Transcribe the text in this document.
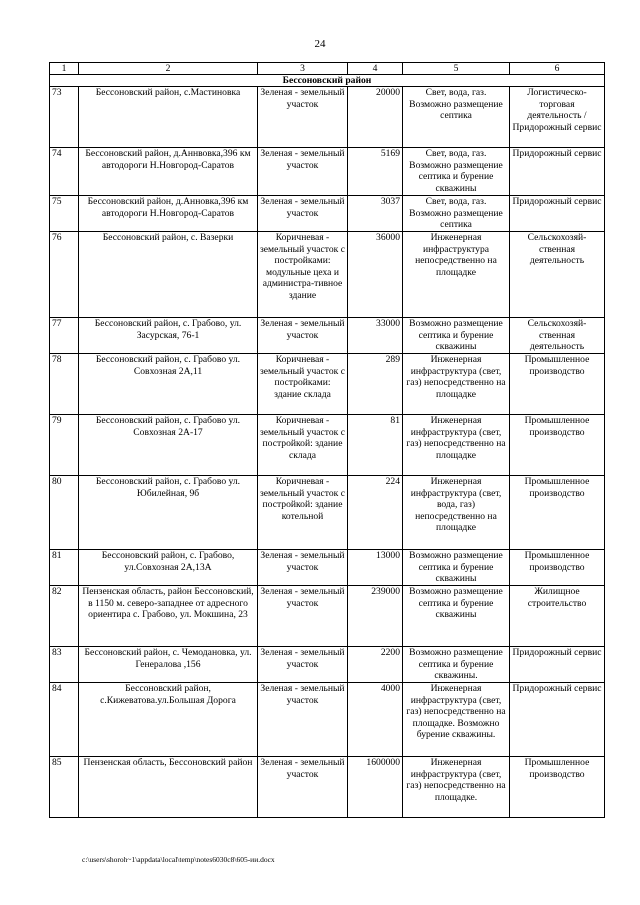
24
1	2	3	4	5	6
Бессоновский район					
73	Бессоновский район, с.Мастиновка	Зеленая - земельный участок	20000	Свет, вода, газ. Возможно размещение септика	Логистическо-торговая деятельность / Придорожный сервис
74	Бессоновский район, д.Аннвовка,396 км автодороги Н.Новгород-Саратов	Зеленая - земельный участок	5169	Свет, вода, газ. Возможно размещение септика и бурение скважины	Придорожный сервис
75	Бессоновский район, д.Анновка,396 км автодороги Н.Новгород-Саратов	Зеленая - земельный участок	3037	Свет, вода, газ. Возможно размещение септика	Придорожный сервис
76	Бессоновский район, с. Вазерки	Коричневая - земельный участок с постройками: модульные цеха и администра-тивное здание	36000	Инженерная инфраструктура непосредственно на площадке	Сельскохозяй-ственная деятельность
77	Бессоновский район, с. Грабово, ул. Засурская, 76-1	Зеленая - земельный участок	33000	Возможно размещение септика и бурение скважины	Сельскохозяй-ственная деятельность
78	Бессоновский район, с. Грабово ул. Совхозная 2А,11	Коричневая - земельный участок с постройками: здание склада	289	Инженерная инфраструктура (свет, газ) непосредственно на площадке	Промышленное производство
79	Бессоновский район, с. Грабово ул. Совхозная 2А-17	Коричневая - земельный участок с постройкой: здание склада	81	Инженерная инфраструктура (свет, газ) непосредственно на площадке	Промышленное производство
80	Бессоновский район, с. Грабово ул. Юбилейная, 9б	Коричневая - земельный участок с постройкой: здание котельной	224	Инженерная инфраструктура (свет, вода, газ) непосредственно на площадке	Промышленное производство
81	Бессоновский район, с. Грабово, ул.Совхозная 2А,13А	Зеленая - земельный участок	13000	Возможно размещение септика и бурение скважины	Промышленное производство
82	Пензенская область, район Бессоновский, в 1150 м. северо-западнее от адресного ориентира с. Грабово, ул. Мокшина, 23	Зеленая - земельный участок	239000	Возможно размещение септика и бурение скважины	Жилищное строительство
83	Бессоновский район, с. Чемодановка, ул. Генералова ,156	Зеленая - земельный участок	2200	Возможно размещение септика и бурение скважины.	Придорожный сервис
84	Бессоновский район, с.Кижеватова.ул.Большая Дорога	Зеленая - земельный участок	4000	Инженерная инфраструктура (свет, газ) непосредственно на площадке. Возможно бурение скважины.	Придорожный сервис
85	Пензенская область, Бессоновский район	Зеленая - земельный участок	1600000	Инженерная инфраструктура (свет, газ) непосредственно на площадке.	Промышленное производство
c:\users\shoroh~1\appdata\local\temp\notes6030c8\605-ии.docx
